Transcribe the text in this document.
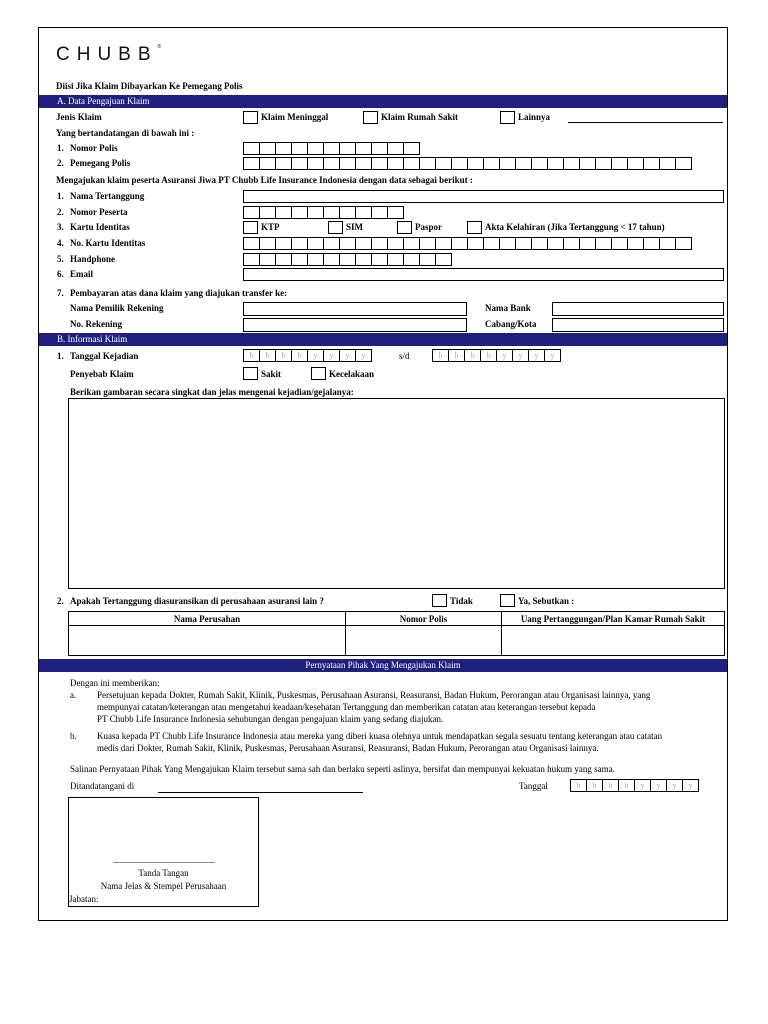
CHUBB®
Diisi Jika Klaim Dibayarkan Ke Pemegang Polis
A. Data Pengajuan Klaim
Jenis Klaim	Klaim Meninggal	Klaim Rumah Sakit	Lainnya
Yang bertandatangan di bawah ini :
1. Nomor Polis
2. Pemegang Polis
Mengajukan klaim peserta Asuransi Jiwa PT Chubb Life Insurance Indonesia dengan data sebagai berikut :
1. Nama Tertanggung
2. Nomor Peserta
3. Kartu Identitas	KTP	SIM	Paspor	Akta Kelahiran (Jika Tertanggung < 17 tahun)
4. No. Kartu Identitas
5. Handphone
6. Email
7. Pembayaran atas dana klaim yang diajukan transfer ke:
Nama Pemilik Rekening	Nama Bank
No. Rekening	Cabang/Kota
B. Informasi Klaim
1. Tanggal Kejadian	h	h	b	b	y	y	y	y	s/d	h	h	b	b	y	y	y	y
Penyebab Klaim	Sakit	Kecelakaan
Berikan gambaran secara singkat dan jelas mengenai kejadian/gejalanya:
2. Apakah Tertanggung diasuransikan di perusahaan asuransi lain ?	Tidak	Ya, Sebutkan :
Nama Perusahan	Nomor Polis	Uang Pertanggungan/Plan Kamar Rumah Sakit

Pernyataan Pihak Yang Mengajukan Klaim
Dengan ini memberikan:
a. Persetujuan kepada Dokter, Rumah Sakit, Klinik, Puskesmas, Perusahaan Asuransi, Reasuransi, Badan Hukum, Perorangan atau Organisasi lainnya, yang
mempunyai catatan/keterangan atau mengetahui keadaan/kesehatan Tertanggung dan memberikan catatan atau keterangan tersebut kepada
PT Chubb Life Insurance Indonesia sehubungan dengan pengajuan klaim yang sedang diajukan.
b. Kuasa kepada PT Chubb Life Insurance Indonesia atau mereka yang diberi kuasa olehnya untuk mendapatkan segala sesuatu tentang keterangan atau catatan
medis dari Dokter, Rumah Sakit, Klinik, Puskesmas, Perusahaan Asuransi, Reasuransi, Badan Hukum, Perorangan atau Organisasi lainnya.
Salinan Pernyataan Pihak Yang Mengajukan Klaim tersebut sama sah dan berlaku seperti aslinya, bersifat dan mempunyai kekuatan hukum yang sama.
Ditandatangani di	Tanggal	h	h	b	b	y	y	y	y
Tanda Tangan
Nama Jelas & Stempel Perusahaan
Jabatan:
